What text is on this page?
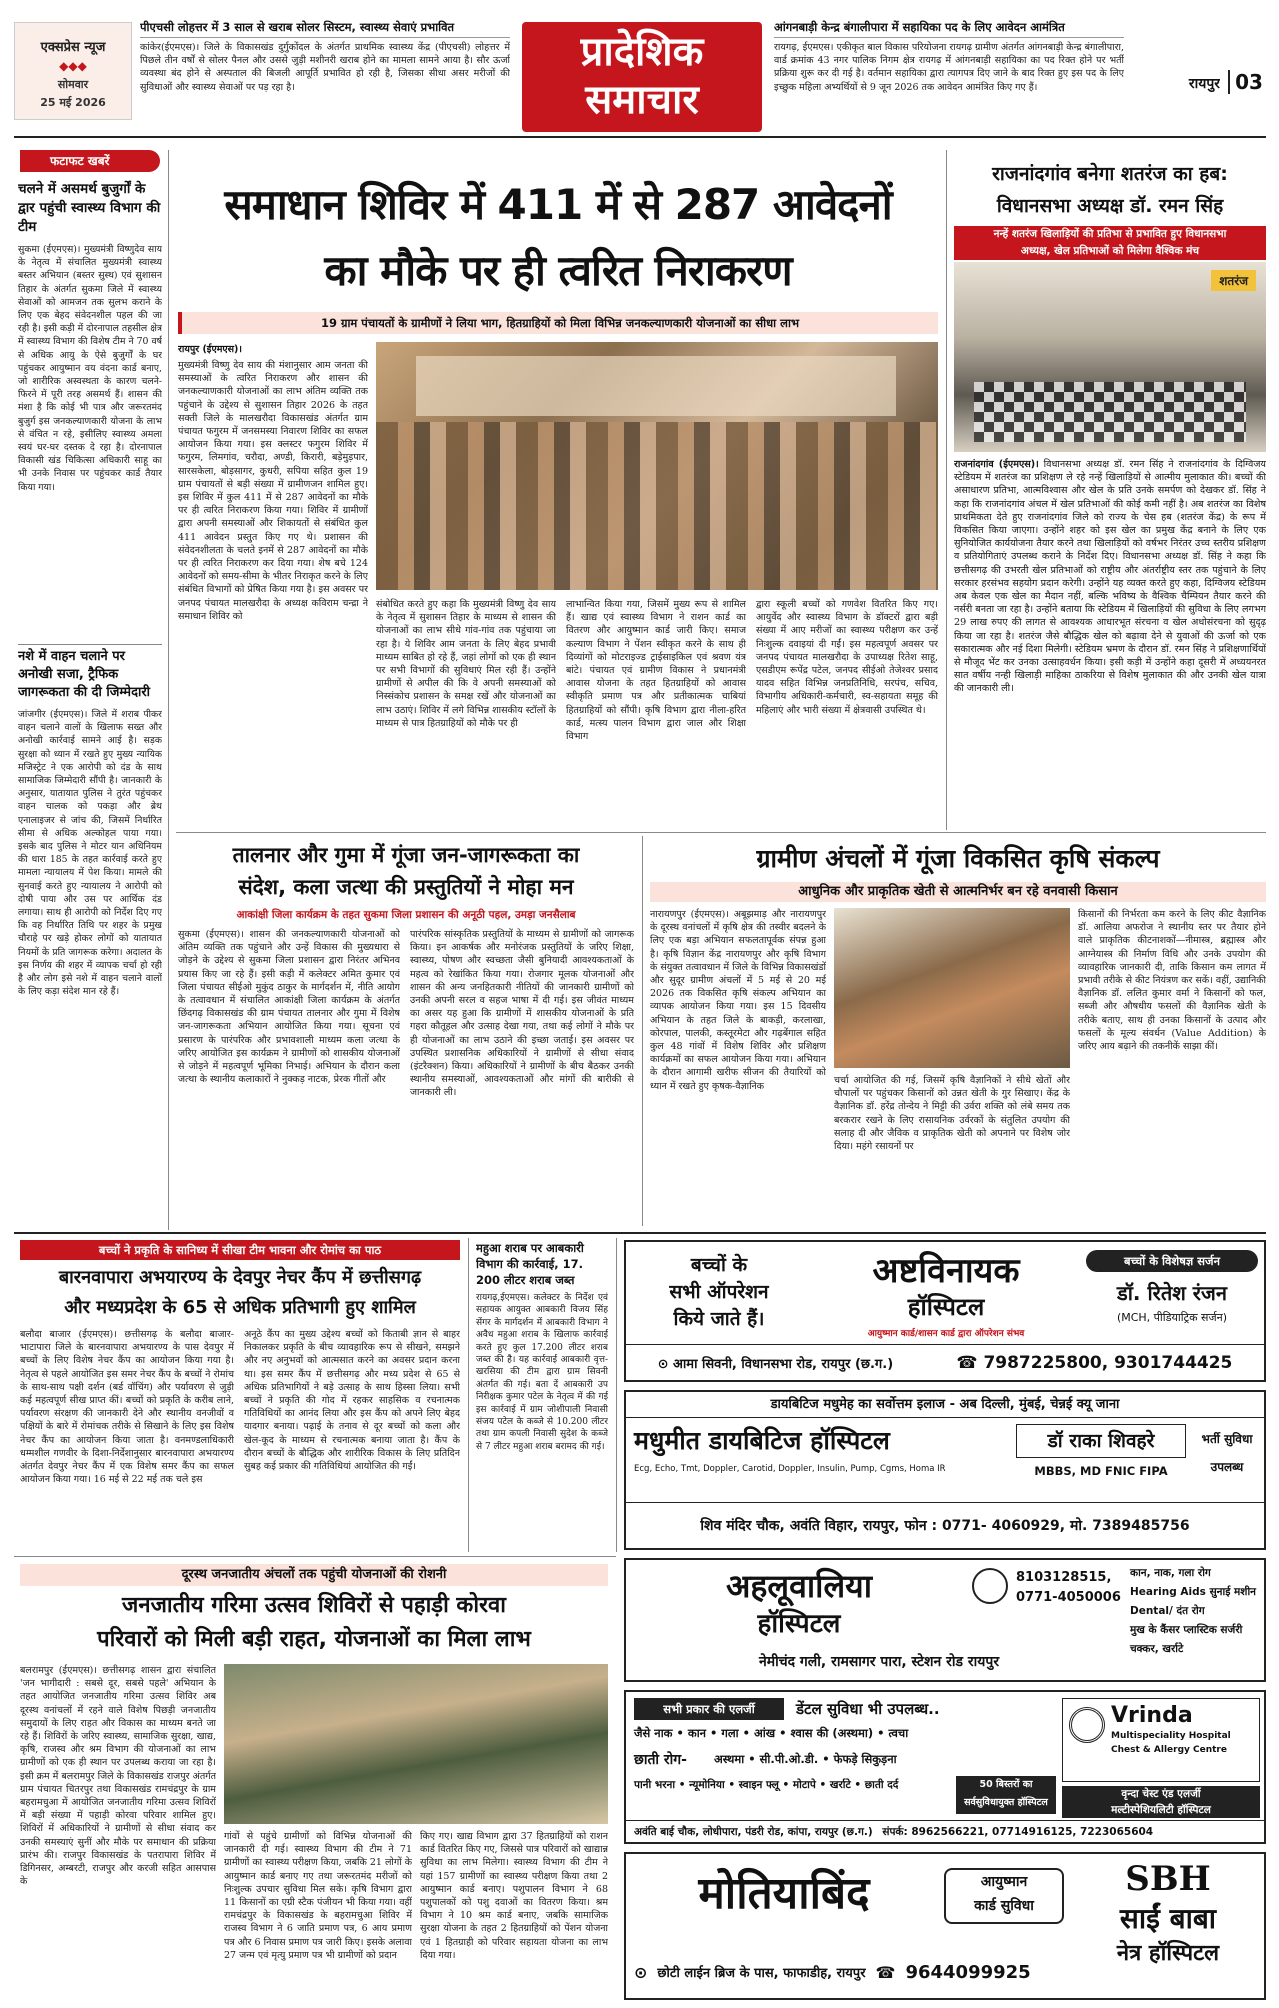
एक्सप्रेस न्यूज
◆◆◆
सोमवार
25 मई 2026
पीएचसी लोहत्तर में 3 साल से खराब सोलर सिस्टम, स्वास्थ्य सेवाएं प्रभावित
कांकेर(ईएमएस)। जिले के विकासखंड दुर्गुकोंदल के अंतर्गत प्राथमिक स्वास्थ्य केंद्र (पीएचसी) लोहत्तर में पिछले तीन वर्षों से सोलर पैनल और उससे जुड़ी मशीनरी खराब होने का मामला सामने आया है। सौर ऊर्जा व्यवस्था बंद होने से अस्पताल की बिजली आपूर्ति प्रभावित हो रही है, जिसका सीधा असर मरीजों की सुविधाओं और स्वास्थ्य सेवाओं पर पड़ रहा है।
प्रादेशिक
समाचार
आंगनबाड़ी केन्द्र बंगालीपारा में सहायिका पद के लिए आवेदन आमंत्रित
रायगढ़, ईएमएस। एकीकृत बाल विकास परियोजना रायगढ़ ग्रामीण अंतर्गत आंगनबाड़ी केन्द्र बंगालीपारा, वार्ड क्रमांक 43 नगर पालिक निगम क्षेत्र रायगढ़ में आंगनबाड़ी सहायिका का पद रिक्त होने पर भर्ती प्रक्रिया शुरू कर दी गई है। वर्तमान सहायिका द्वारा त्यागपत्र दिए जाने के बाद रिक्त हुए इस पद के लिए इच्छुक महिला अभ्यर्थियों से 9 जून 2026 तक आवेदन आमंत्रित किए गए हैं।	रायपुर 03
फटाफट खबरें
चलने में असमर्थ बुजुर्गों के द्वार पहुंची स्वास्थ्य विभाग की टीम
सुकमा (ईएमएस)। मुख्यमंत्री विष्णुदेव साय के नेतृत्व में संचालित मुख्यमंत्री स्वास्थ्य बस्तर अभियान (बस्तर सुस्थ) एवं सुशासन तिहार के अंतर्गत सुकमा जिले में स्वास्थ्य सेवाओं को आमजन तक सुलभ कराने के लिए एक बेहद संवेदनशील पहल की जा रही है। इसी कड़ी में दोरनापाल तहसील क्षेत्र में स्वास्थ्य विभाग की विशेष टीम ने 70 वर्ष से अधिक आयु के ऐसे बुजुर्गों के घर पहुंचकर आयुष्मान वय वंदना कार्ड बनाए, जो शारीरिक अस्वस्थता के कारण चलने-फिरने में पूरी तरह असमर्थ हैं। शासन की मंशा है कि कोई भी पात्र और जरूरतमंद बुजुर्ग इस जनकल्याणकारी योजना के लाभ से वंचित न रहे, इसीलिए स्वास्थ्य अमला स्वयं घर-घर दस्तक दे रहा है। दोरनापाल विकासी खंड चिकित्सा अधिकारी साहू का भी उनके निवास पर पहुंचकर कार्ड तैयार किया गया।
नशे में वाहन चलाने पर अनोखी सजा, ट्रैफिक जागरूकता की दी जिम्मेदारी
जांजगीर (ईएमएस)। जिले में शराब पीकर वाहन चलाने वालों के खिलाफ सख्त और अनोखी कार्रवाई सामने आई है। सड़क सुरक्षा को ध्यान में रखते हुए मुख्य न्यायिक मजिस्ट्रेट ने एक आरोपी को दंड के साथ सामाजिक जिम्मेदारी सौंपी है। जानकारी के अनुसार, यातायात पुलिस ने तुरंत पहुंचकर वाहन चालक को पकड़ा और ब्रेथ एनालाइजर से जांच की, जिसमें निर्धारित सीमा से अधिक अल्कोहल पाया गया। इसके बाद पुलिस ने मोटर यान अधिनियम की धारा 185 के तहत कार्रवाई करते हुए मामला न्यायालय में पेश किया। मामले की सुनवाई करते हुए न्यायालय ने आरोपी को दोषी पाया और उस पर आर्थिक दंड लगाया। साथ ही आरोपी को निर्देश दिए गए कि वह निर्धारित तिथि पर शहर के प्रमुख चौराहे पर खड़े होकर लोगों को यातायात नियमों के प्रति जागरूक करेगा। अदालत के इस निर्णय की शहर में व्यापक चर्चा हो रही है और लोग इसे नशे में वाहन चलाने वालों के लिए कड़ा संदेश मान रहे हैं।
समाधान शिविर में 411 में से 287 आवेदनों
का मौके पर ही त्वरित निराकरण
19 ग्राम पंचायतों के ग्रामीणों ने लिया भाग, हितग्राहियों को मिला विभिन्न जनकल्याणकारी योजनाओं का सीधा लाभ
रायपुर (ईएमएस)।
मुख्यमंत्री विष्णु देव साय की मंशानुसार आम जनता की समस्याओं के त्वरित निराकरण और शासन की जनकल्याणकारी योजनाओं का लाभ अंतिम व्यक्ति तक पहुंचाने के उद्देश्य से सुशासन तिहार 2026 के तहत सक्ती जिले के मालखरौदा विकासखंड अंतर्गत ग्राम पंचायत फगुरम में जनसमस्या निवारण शिविर का सफल आयोजन किया गया। इस क्लस्टर फगुरम शिविर में फगुरम, लिमगांव, चरौदा, अण्डी, किरारी, बड़ेमुड़पार, सारसकेला, बोड़सागर, कुधरी, सपिया सहित कुल 19 ग्राम पंचायतों से बड़ी संख्या में ग्रामीणजन शामिल हुए। इस शिविर में कुल 411 में से 287 आवेदनों का मौके पर ही त्वरित निराकरण किया गया। शिविर में ग्रामीणों द्वारा अपनी समस्याओं और शिकायतों से संबंधित कुल 411 आवेदन प्रस्तुत किए गए थे। प्रशासन की संवेदनशीलता के चलते इनमें से 287 आवेदनों का मौके पर ही त्वरित निराकरण कर दिया गया। शेष बचे 124 आवेदनों को समय-सीमा के भीतर निराकृत करने के लिए संबंधित विभागों को प्रेषित किया गया है। इस अवसर पर जनपद पंचायत मालखरौदा के अध्यक्ष कविराम चन्द्रा ने समाधान शिविर को
संबोधित करते हुए कहा कि मुख्यमंत्री विष्णु देव साय के नेतृत्व में सुशासन तिहार के माध्यम से शासन की योजनाओं का लाभ सीधे गांव-गांव तक पहुंचाया जा रहा है। ये शिविर आम जनता के लिए बेहद प्रभावी माध्यम साबित हो रहे हैं, जहां लोगों को एक ही स्थान पर सभी विभागों की सुविधाएं मिल रही हैं। उन्होंने ग्रामीणों से अपील की कि वे अपनी समस्याओं को निस्संकोच प्रशासन के समक्ष रखें और योजनाओं का लाभ उठाएं। शिविर में लगे विभिन्न शासकीय स्टॉलों के माध्यम से पात्र हितग्राहियों को मौके पर ही
लाभान्वित किया गया, जिसमें मुख्य रूप से शामिल हैं। खाद्य एवं स्वास्थ्य विभाग ने राशन कार्ड का वितरण और आयुष्मान कार्ड जारी किए। समाज कल्याण विभाग ने पेंशन स्वीकृत करने के साथ ही दिव्यांगों को मोटराइज्ड ट्राईसाइकिल एवं श्रवण यंत्र बांटे। पंचायत एवं ग्रामीण विकास ने प्रधानमंत्री आवास योजना के तहत हितग्राहियों को आवास स्वीकृति प्रमाण पत्र और प्रतीकात्मक चाबियां हितग्राहियों को सौंपी। कृषि विभाग द्वारा नीला-हरित कार्ड, मत्स्य पालन विभाग द्वारा जाल और शिक्षा विभाग
द्वारा स्कूली बच्चों को गणवेश वितरित किए गए। आयुर्वेद और स्वास्थ्य विभाग के डॉक्टरों द्वारा बड़ी संख्या में आए मरीजों का स्वास्थ्य परीक्षण कर उन्हें निःशुल्क दवाइयां दी गईं। इस महत्वपूर्ण अवसर पर जनपद पंचायत मालखरौदा के उपाध्यक्ष रितेश साहू, एसडीएम रूपेंद्र पटेल, जनपद सीईओ तेजेश्वर प्रसाद यादव सहित विभिन्न जनप्रतिनिधि, सरपंच, सचिव, विभागीय अधिकारी-कर्मचारी, स्व-सहायता समूह की महिलाएं और भारी संख्या में क्षेत्रवासी उपस्थित थे।
राजनांदगांव बनेगा शतरंज का हब:
विधानसभा अध्यक्ष डॉ. रमन सिंह
नन्हें शतरंज खिलाड़ियों की प्रतिभा से प्रभावित हुए विधानसभा
अध्यक्ष, खेल प्रतिभाओं को मिलेगा वैश्विक मंच
शतरंज
राजनांदगांव (ईएमएस)। विधानसभा अध्यक्ष डॉ. रमन सिंह ने राजनांदगांव के दिग्विजय स्टेडियम में शतरंज का प्रशिक्षण ले रहे नन्हें खिलाड़ियों से आत्मीय मुलाकात की। बच्चों की असाधारण प्रतिभा, आत्मविश्वास और खेल के प्रति उनके समर्पण को देखकर डॉ. सिंह ने कहा कि राजनांदगांव अंचल में खेल प्रतिभाओं की कोई कमी नहीं है। अब शतरंज का विशेष प्राथमिकता देते हुए राजनांदगांव जिले को राज्य के चेस हब (शतरंज केंद्र) के रूप में विकसित किया जाएगा। उन्होंने शहर को इस खेल का प्रमुख केंद्र बनाने के लिए एक सुनियोजित कार्ययोजना तैयार करने तथा खिलाड़ियों को वर्षभर निरंतर उच्च स्तरीय प्रशिक्षण व प्रतियोगिताएं उपलब्ध कराने के निर्देश दिए। विधानसभा अध्यक्ष डॉ. सिंह ने कहा कि छत्तीसगढ़ की उभरती खेल प्रतिभाओं को राष्ट्रीय और अंतर्राष्ट्रीय स्तर तक पहुंचाने के लिए सरकार हरसंभव सहयोग प्रदान करेगी। उन्होंने यह व्यक्त करते हुए कहा, दिग्विजय स्टेडियम अब केवल एक खेल का मैदान नहीं, बल्कि भविष्य के वैश्विक चैम्पियन तैयार करने की नर्सरी बनता जा रहा है। उन्होंने बताया कि स्टेडियम में खिलाड़ियों की सुविधा के लिए लगभग 29 लाख रुपए की लागत से आवश्यक आधारभूत संरचना व खेल अधोसंरचना को सुदृढ़ किया जा रहा है। शतरंज जैसे बौद्धिक खेल को बढ़ावा देने से युवाओं की ऊर्जा को एक सकारात्मक और नई दिशा मिलेगी। स्टेडियम भ्रमण के दौरान डॉ. रमन सिंह ने प्रशिक्षणार्थियों से मौजूद भेंट कर उनका उत्साहवर्धन किया। इसी कड़ी में उन्होंने कहा दूसरी में अध्ययनरत सात वर्षीय नन्ही खिलाड़ी माहिका ठाकरिया से विशेष मुलाकात की और उनकी खेल यात्रा की जानकारी ली।
तालनार और गुमा में गूंजा जन-जागरूकता का
संदेश, कला जत्था की प्रस्तुतियों ने मोहा मन
आकांक्षी जिला कार्यक्रम के तहत सुकमा जिला प्रशासन की अनूठी पहल, उमड़ा जनसैलाब
सुकमा (ईएमएस)। शासन की जनकल्याणकारी योजनाओं को अंतिम व्यक्ति तक पहुंचाने और उन्हें विकास की मुख्यधारा से जोड़ने के उद्देश्य से सुकमा जिला प्रशासन द्वारा निरंतर अभिनव प्रयास किए जा रहे हैं। इसी कड़ी में कलेक्टर अमित कुमार एवं जिला पंचायत सीईओ मुकुंद ठाकुर के मार्गदर्शन में, नीति आयोग के तत्वावधान में संचालित आकांक्षी जिला कार्यक्रम के अंतर्गत छिंदगढ़ विकासखंड की ग्राम पंचायत तालनार और गुमा में विशेष जन-जागरूकता अभियान आयोजित किया गया। सूचना एवं प्रसारण के पारंपरिक और प्रभावशाली माध्यम कला जत्था के जरिए आयोजित इस कार्यक्रम ने ग्रामीणों को शासकीय योजनाओं से जोड़ने में महत्वपूर्ण भूमिका निभाई। अभियान के दौरान कला जत्था के स्थानीय कलाकारों ने नुक्कड़ नाटक, प्रेरक गीतों और
पारंपरिक सांस्कृतिक प्रस्तुतियों के माध्यम से ग्रामीणों को जागरूक किया। इन आकर्षक और मनोरंजक प्रस्तुतियों के जरिए शिक्षा, स्वास्थ्य, पोषण और स्वच्छता जैसी बुनियादी आवश्यकताओं के महत्व को रेखांकित किया गया। रोजगार मूलक योजनाओं और शासन की अन्य जनहितकारी नीतियों की जानकारी ग्रामीणों को उनकी अपनी सरल व सहज भाषा में दी गई। इस जीवंत माध्यम का असर यह हुआ कि ग्रामीणों में शासकीय योजनाओं के प्रति गहरा कौतूहल और उत्साह देखा गया, तथा कई लोगों ने मौके पर ही योजनाओं का लाभ उठाने की इच्छा जताई। इस अवसर पर उपस्थित प्रशासनिक अधिकारियों ने ग्रामीणों से सीधा संवाद (इंटरैक्शन) किया। अधिकारियों ने ग्रामीणों के बीच बैठकर उनकी स्थानीय समस्याओं, आवश्यकताओं और मांगों की बारीकी से जानकारी ली।
ग्रामीण अंचलों में गूंजा विकसित कृषि संकल्प
आधुनिक और प्राकृतिक खेती से आत्मनिर्भर बन रहे वनवासी किसान
नारायणपुर (ईएमएस)। अबूझमाड़ और नारायणपुर के दूरस्थ वनांचलों में कृषि क्षेत्र की तस्वीर बदलने के लिए एक बड़ा अभियान सफलतापूर्वक संपन्न हुआ है। कृषि विज्ञान केंद्र नारायणपुर और कृषि विभाग के संयुक्त तत्वावधान में जिले के विभिन्न विकासखंडों और सुदूर ग्रामीण अंचलों में 5 मई से 20 मई 2026 तक विकसित कृषि संकल्प अभियान का व्यापक आयोजन किया गया। इस 15 दिवसीय अभियान के तहत जिले के बाकड़ी, करलाखा, कोरपाल, पालकी, कस्तूरमेटा और गढ़बेंगाल सहित कुल 48 गांवों में विशेष शिविर और प्रशिक्षण कार्यक्रमों का सफल आयोजन किया गया। अभियान के दौरान आगामी खरीफ सीजन की तैयारियों को ध्यान में रखते हुए कृषक-वैज्ञानिक
चर्चा आयोजित की गई, जिसमें कृषि वैज्ञानिकों ने सीधे खेतों और चौपालों पर पहुंचकर किसानों को उन्नत खेती के गुर सिखाए। केंद्र के वैज्ञानिक डॉ. हरेंद्र तोन्देय ने मिट्टी की उर्वरा शक्ति को लंबे समय तक बरकरार रखने के लिए रासायनिक उर्वरकों के संतुलित उपयोग की सलाह दी और जैविक व प्राकृतिक खेती को अपनाने पर विशेष जोर दिया। महंगे रसायनों पर
किसानों की निर्भरता कम करने के लिए कीट वैज्ञानिक डॉ. आलिया अफरोज ने स्थानीय स्तर पर तैयार होने वाले प्राकृतिक कीटनाशकों—नीमास्त्र, ब्रह्मास्त्र और आग्नेयास्त्र की निर्माण विधि और उनके उपयोग की व्यावहारिक जानकारी दी, ताकि किसान कम लागत में प्रभावी तरीके से कीट नियंत्रण कर सकें। वहीं, उद्यानिकी वैज्ञानिक डॉ. ललित कुमार वर्मा ने किसानों को फल, सब्जी और औषधीय फसलों की वैज्ञानिक खेती के तरीके बताए, साथ ही उनका किसानों के उत्पाद और फसलों के मूल्य संवर्धन (Value Addition) के जरिए आय बढ़ाने की तकनीकें साझा कीं।
बच्चों ने प्रकृति के सानिध्य में सीखा टीम भावना और रोमांच का पाठ
बारनवापारा अभयारण्य के देवपुर नेचर कैंप में छत्तीसगढ़
और मध्यप्रदेश के 65 से अधिक प्रतिभागी हुए शामिल
बलौदा बाजार (ईएमएस)। छत्तीसगढ़ के बलौदा बाजार-भाटापारा जिले के बारनवापारा अभयारण्य के पास देवपुर में बच्चों के लिए विशेष नेचर कैंप का आयोजन किया गया है। नेतृत्व से पहले आयोजित इस समर नेचर कैंप के बच्चों ने रोमांच के साथ-साथ पक्षी दर्शन (बर्ड वॉचिंग) और पर्यावरण से जुड़ी कई महत्वपूर्ण सीख प्राप्त कीं। बच्चों को प्रकृति के करीब लाने, पर्यावरण संरक्षण की जानकारी देने और स्थानीय वनजीवों व पक्षियों के बारे में रोमांचक तरीके से सिखाने के लिए इस विशेष नेचर कैंप का आयोजन किया जाता है। वनमण्डलाधिकारी धम्मशील गणवीर के दिशा-निर्देशानुसार बारनवापारा अभयारण्य अंतर्गत देवपुर नेचर कैंप में एक विशेष समर कैंप का सफल आयोजन किया गया। 16 मई से 22 मई तक चले इस
अनूठे कैंप का मुख्य उद्देश्य बच्चों को किताबी ज्ञान से बाहर निकालकर प्रकृति के बीच व्यावहारिक रूप से सीखने, समझने और नए अनुभवों को आत्मसात करने का अवसर प्रदान करना था। इस समर कैंप में छत्तीसगढ़ और मध्य प्रदेश से 65 से अधिक प्रतिभागियों ने बड़े उत्साह के साथ हिस्सा लिया। सभी बच्चों ने प्रकृति की गोद में रहकर साहसिक व रचनात्मक गतिविधियों का आनंद लिया और इस कैंप को अपने लिए बेहद यादगार बनाया। पढ़ाई के तनाव से दूर बच्चों को कला और खेल-कूद के माध्यम से रचनात्मक बनाया जाता है। कैंप के दौरान बच्चों के बौद्धिक और शारीरिक विकास के लिए प्रतिदिन सुबह कई प्रकार की गतिविधियां आयोजित की गईं।
महुआ शराब पर आबकारी विभाग की कार्रवाई, 17. 200 लीटर शराब जब्त
रायगढ़,ईएमएस। कलेक्टर के निर्देश एवं सहायक आयुक्त आबकारी विजय सिंह सेंगर के मार्गदर्शन में आबकारी विभाग ने अवैध महुआ शराब के खिलाफ कार्रवाई करते हुए कुल 17.200 लीटर शराब जब्त की है। यह कार्रवाई आबकारी वृत्त-खरसिया की टीम द्वारा ग्राम सिवनी अंतर्गत की गई। बता दें आबकारी उप निरीक्षक कुमार पटेल के नेतृत्व में की गई इस कार्रवाई में ग्राम जोशीपाली निवासी संजय पटेल के कब्जे से 10.200 लीटर तथा ग्राम कपली निवासी सुदेश के कब्जे से 7 लीटर महुआ शराब बरामद की गई।
दूरस्थ जनजातीय अंचलों तक पहुंची योजनाओं की रोशनी
जनजातीय गरिमा उत्सव शिविरों से पहाड़ी कोरवा
परिवारों को मिली बड़ी राहत, योजनाओं का मिला लाभ
बलरामपुर (ईएमएस)। छत्तीसगढ़ शासन द्वारा संचालित 'जन भागीदारी : सबसे दूर, सबसे पहले' अभियान के तहत आयोजित जनजातीय गरिमा उत्सव शिविर अब दूरस्थ वनांचलों में रहने वाले विशेष पिछड़ी जनजातीय समुदायों के लिए राहत और विकास का माध्यम बनते जा रहे हैं। शिविरों के जरिए स्वास्थ्य, सामाजिक सुरक्षा, खाद्य, कृषि, राजस्व और श्रम विभाग की योजनाओं का लाभ ग्रामीणों को एक ही स्थान पर उपलब्ध कराया जा रहा है। इसी क्रम में बलरामपुर जिले के विकासखंड राजपुर अंतर्गत ग्राम पंचायत चितरपुर तथा विकासखंड रामचंद्रपुर के ग्राम बहरामचुआ में आयोजित जनजातीय गरिमा उत्सव शिविरों में बड़ी संख्या में पहाड़ी कोरवा परिवार शामिल हुए। शिविरों में अधिकारियों ने ग्रामीणों से सीधा संवाद कर उनकी समस्याएं सुनीं और मौके पर समाधान की प्रक्रिया प्रारंभ की। राजपुर विकासखंड के पतरापारा शिविर में डिगिनसर, अम्बरटी, राजपुर और करजी सहित आसपास के
गांवों से पहुंचे ग्रामीणों को विभिन्न योजनाओं की जानकारी दी गई। स्वास्थ्य विभाग की टीम ने 71 ग्रामीणों का स्वास्थ्य परीक्षण किया, जबकि 21 लोगों के आयुष्मान कार्ड बनाए गए तथा जरूरतमंद मरीजों को निःशुल्क उपचार सुविधा मिल सके। कृषि विभाग द्वारा 11 किसानों का एग्री स्टैक पंजीयन भी किया गया। वहीं रामचंद्रपुर के विकासखंड के बहरामचुआ शिविर में राजस्व विभाग ने 6 जाति प्रमाण पत्र, 6 आय प्रमाण पत्र और 6 निवास प्रमाण पत्र जारी किए। इसके अलावा 27 जन्म एवं मृत्यु प्रमाण पत्र भी ग्रामीणों को प्रदान
किए गए। खाद्य विभाग द्वारा 37 हितग्राहियों को राशन कार्ड वितरित किए गए, जिससे पात्र परिवारों को खाद्यान्न सुविधा का लाभ मिलेगा। स्वास्थ्य विभाग की टीम ने यहां 157 ग्रामीणों का स्वास्थ्य परीक्षण किया तथा 2 आयुष्मान कार्ड बनाए। पशुपालन विभाग ने 68 पशुपालकों को पशु दवाओं का वितरण किया। श्रम विभाग ने 10 श्रम कार्ड बनाए, जबकि सामाजिक सुरक्षा योजना के तहत 2 हितग्राहियों को पेंशन योजना एवं 1 हितग्राही को परिवार सहायता योजना का लाभ दिया गया।
बच्चों के
सभी ऑपरेशन
किये जाते हैं।
अष्टविनायक
हॉस्पिटल
आयुष्मान कार्ड/शासन कार्ड द्वारा ऑपरेशन संभव
बच्चों के विशेषज्ञ सर्जन
डॉ. रितेश रंजन
(MCH, पीडियाट्रिक सर्जन)
⊙ आमा सिवनी, विधानसभा रोड, रायपुर (छ.ग.)	☎ 7987225800, 9301744425
डायबिटिज मधुमेह का सर्वोत्तम इलाज - अब दिल्ली, मुंबई, चेन्नई क्यू जाना
मधुमीत डायबिटिज हॉस्पिटल
Ecg, Echo, Tmt, Doppler, Carotid, Doppler, Insulin, Pump, Cgms, Homa IR
डॉ राका शिवहरे
MBBS, MD FNIC FIPA
भर्ती सुविधा
उपलब्ध
शिव मंदिर चौक, अवंति विहार, रायपुर, फोन : 0771- 4060929, मो. 7389485756
अहलूवालिया
हॉस्पिटल
8103128515,
0771-4050006
कान, नाक, गला रोग
Hearing Aids सुनाई मशीन
Dental/ दंत रोग
मुख के कैंसर प्लास्टिक सर्जरी
चक्कर, खर्राटे
नेमीचंद गली, रामसागर पारा, स्टेशन रोड रायपुर
सभी प्रकार की एलर्जी	डेंटल सुविधा भी उपलब्ध..
जैसे नाक • कान • गला • आंख • श्वास की (अस्थमा) • त्वचा
छाती रोग-	अस्थमा • सी.पी.ओ.डी. • फेफड़े सिकुड़ना
50 बिस्तरों का
सर्वसुविधायुक्त हॉस्पिटल
पानी भरना • न्यूमोनिया • स्वाइन फ्लू • मोटापे • खर्राटे • छाती दर्द
Vrinda
Multispeciality Hospital
Chest & Allergy Centre
वृन्दा चेस्ट एंड एलर्जी
मल्टीस्पेशियलिटी हॉस्पिटल
अवंति बाई चौक, लोधीपारा, पंडरी रोड, कांपा, रायपुर (छ.ग.) संपर्क: 8962566221, 07714916125, 7223065604
मोतियाबिंद	आयुष्मान
कार्ड सुविधा
SBH
साईं बाबा
नेत्र हॉस्पिटल
⊙ छोटी लाईन ब्रिज के पास, फाफाडीह, रायपुर ☎ 9644099925
